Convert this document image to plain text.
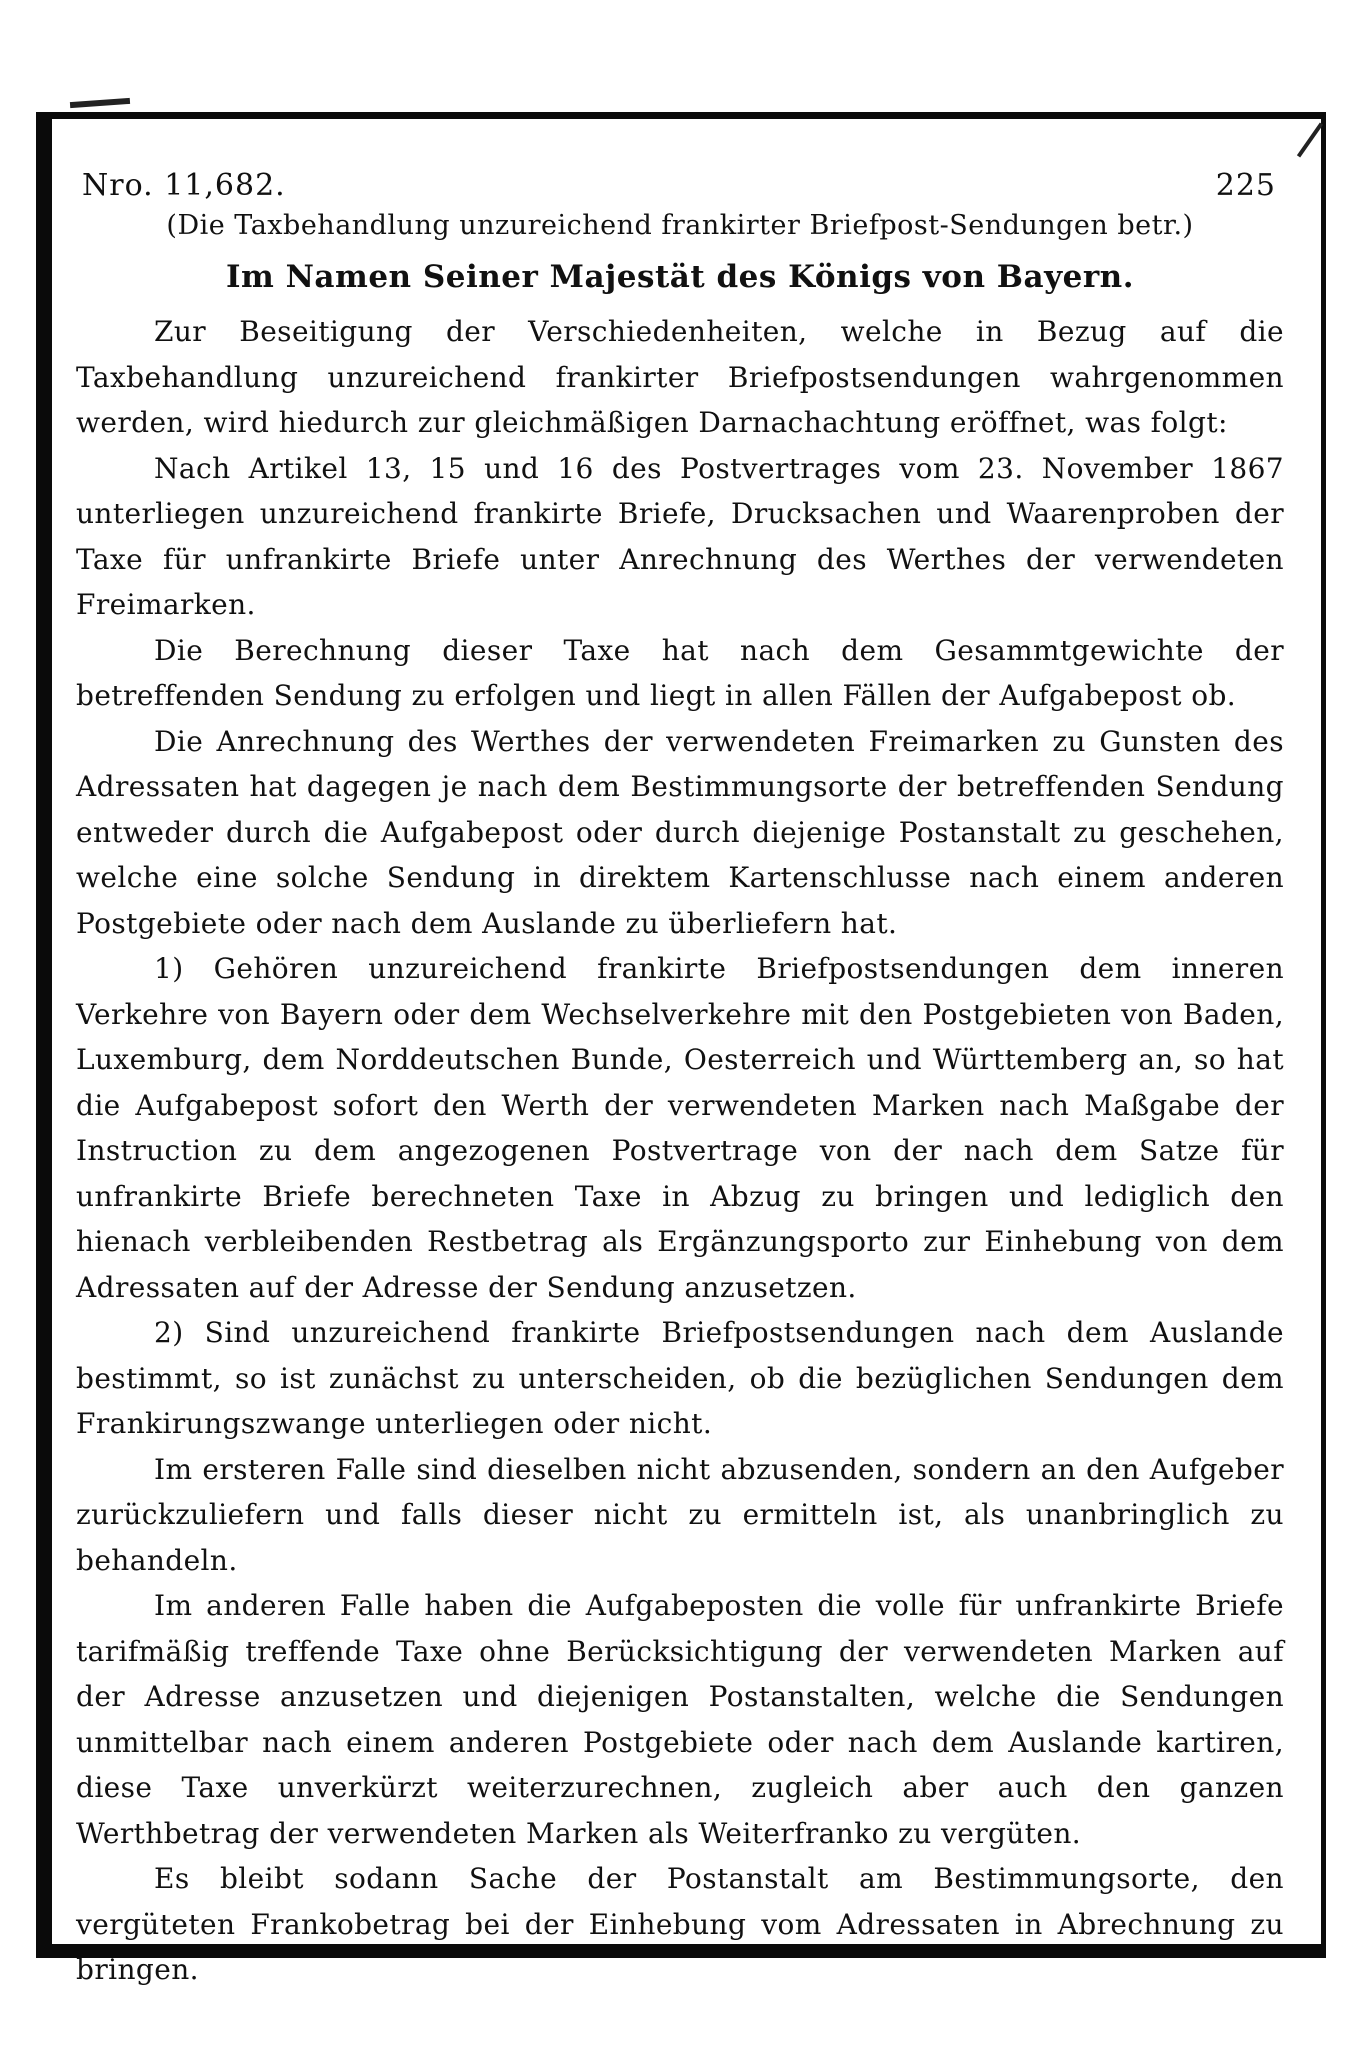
Nro. 11,682.	225
(Die Taxbehandlung unzureichend frankirter Briefpost-Sendungen betr.)
Im Namen Seiner Majestät des Königs von Bayern.

Zur Beseitigung der Verschiedenheiten, welche in Bezug auf die Taxbehandlung unzureichend frankirter Briefpostsendungen wahrgenommen werden, wird hiedurch zur gleichmäßigen Darnachachtung eröffnet, was folgt:

Nach Artikel 13, 15 und 16 des Postvertrages vom 23. November 1867 unterliegen unzureichend frankirte Briefe, Drucksachen und Waarenproben der Taxe für unfrankirte Briefe unter Anrechnung des Werthes der verwendeten Freimarken.

Die Berechnung dieser Taxe hat nach dem Gesammtgewichte der betreffenden Sendung zu erfolgen und liegt in allen Fällen der Aufgabepost ob.

Die Anrechnung des Werthes der verwendeten Freimarken zu Gunsten des Adressaten hat dagegen je nach dem Bestimmungsorte der betreffenden Sendung entweder durch die Aufgabepost oder durch diejenige Postanstalt zu geschehen, welche eine solche Sendung in direktem Kartenschlusse nach einem anderen Postgebiete oder nach dem Auslande zu überliefern hat.

1) Gehören unzureichend frankirte Briefpostsendungen dem inneren Verkehre von Bayern oder dem Wechselverkehre mit den Postgebieten von Baden, Luxemburg, dem Norddeutschen Bunde, Oesterreich und Württemberg an, so hat die Aufgabepost sofort den Werth der verwendeten Marken nach Maßgabe der Instruction zu dem angezogenen Postvertrage von der nach dem Satze für unfrankirte Briefe berechneten Taxe in Abzug zu bringen und lediglich den hienach verbleibenden Restbetrag als Ergänzungsporto zur Einhebung von dem Adressaten auf der Adresse der Sendung anzusetzen.

2) Sind unzureichend frankirte Briefpostsendungen nach dem Auslande bestimmt, so ist zunächst zu unterscheiden, ob die bezüglichen Sendungen dem Frankirungszwange unterliegen oder nicht.

Im ersteren Falle sind dieselben nicht abzusenden, sondern an den Aufgeber zurückzuliefern und falls dieser nicht zu ermitteln ist, als unanbringlich zu behandeln.

Im anderen Falle haben die Aufgabeposten die volle für unfrankirte Briefe tarifmäßig treffende Taxe ohne Berücksichtigung der verwendeten Marken auf der Adresse anzusetzen und diejenigen Postanstalten, welche die Sendungen unmittelbar nach einem anderen Postgebiete oder nach dem Auslande kartiren, diese Taxe unverkürzt weiterzurechnen, zugleich aber auch den ganzen Werthbetrag der verwendeten Marken als Weiterfranko zu vergüten.

Es bleibt sodann Sache der Postanstalt am Bestimmungsorte, den vergüteten Frankobetrag bei der Einhebung vom Adressaten in Abrechnung zu bringen.
